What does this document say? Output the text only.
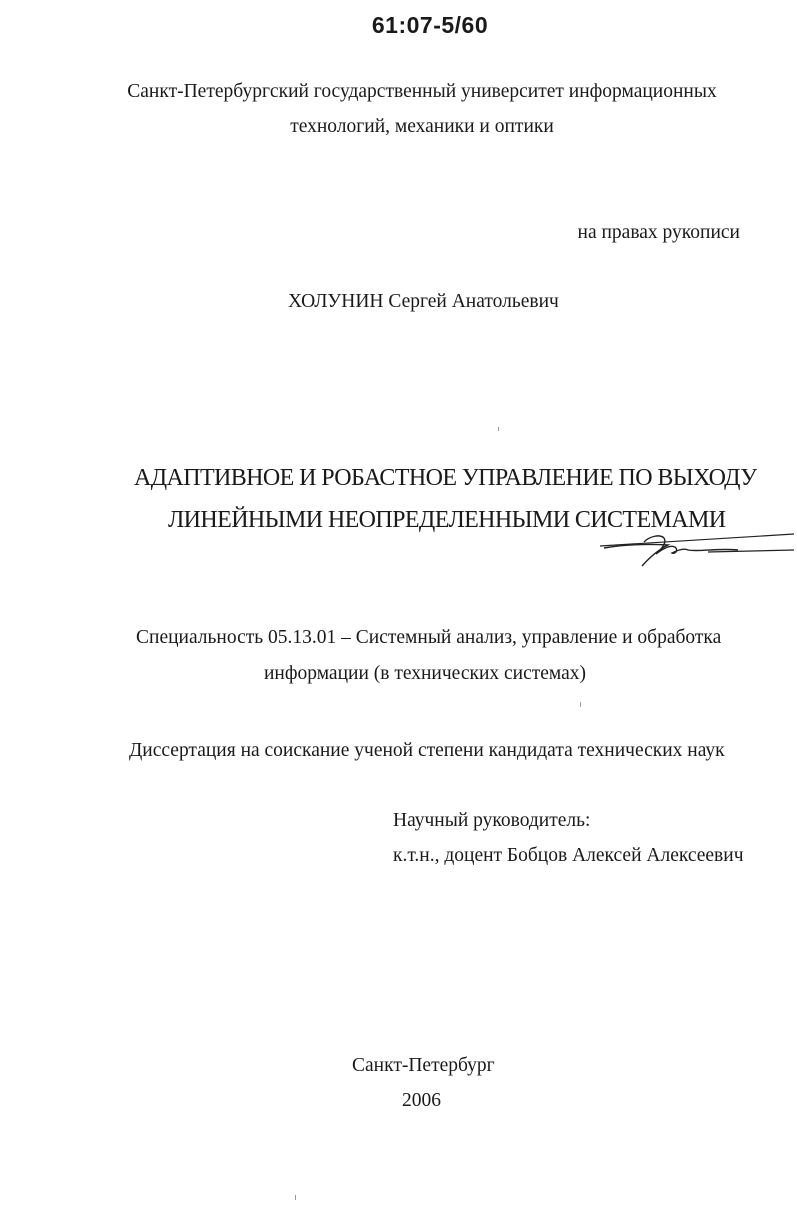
61:07-5/60
Санкт-Петербургский государственный университет информационных
технологий, механики и оптики
на правах рукописи
ХОЛУНИН Сергей Анатольевич
АДАПТИВНОЕ И РОБАСТНОЕ УПРАВЛЕНИЕ ПО ВЫХОДУ
ЛИНЕЙНЫМИ НЕОПРЕДЕЛЕННЫМИ СИСТЕМАМИ
Специальность 05.13.01 – Системный анализ, управление и обработка
информации (в технических системах)
Диссертация на соискание ученой степени кандидата технических наук
Научный руководитель:
к.т.н., доцент Бобцов Алексей Алексеевич
Санкт-Петербург
2006
